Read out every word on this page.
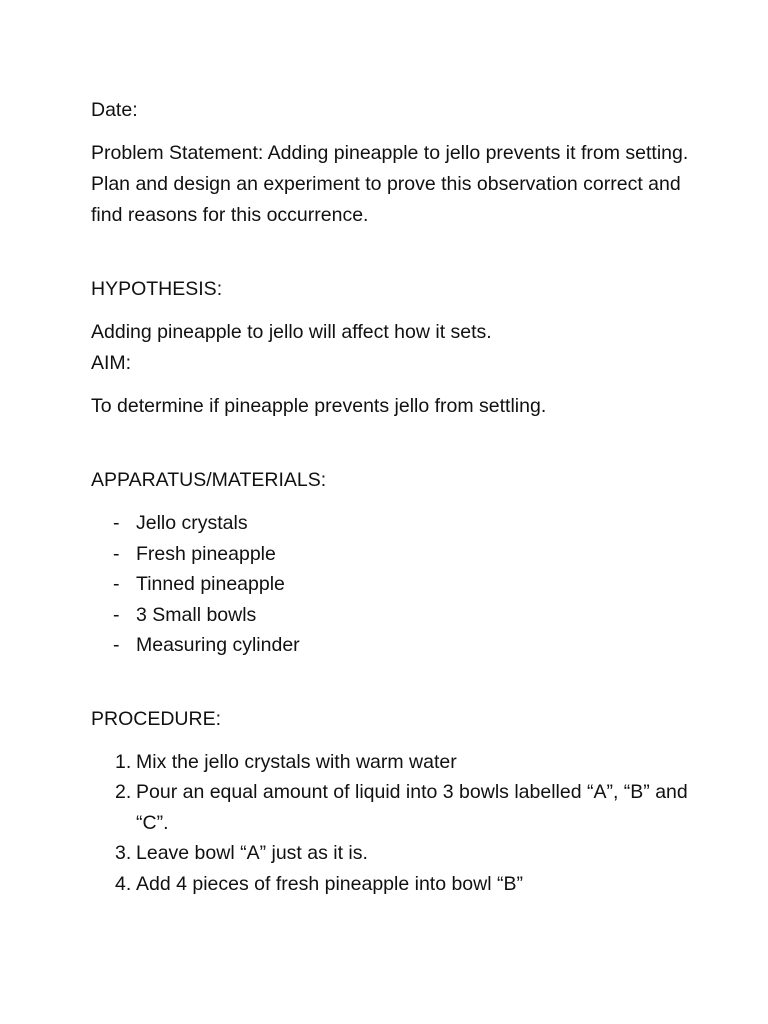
Date:

Problem Statement: Adding pineapple to jello prevents it from setting. Plan and design an experiment to prove this observation correct and find reasons for this occurrence.

HYPOTHESIS:

Adding pineapple to jello will affect how it sets.

AIM:

To determine if pineapple prevents jello from settling.

APPARATUS/MATERIALS:

- Jello crystals
- Fresh pineapple
- Tinned pineapple
- 3 Small bowls
- Measuring cylinder

PROCEDURE:

1. Mix the jello crystals with warm water
2. Pour an equal amount of liquid into 3 bowls labelled “A”, “B” and “C”.
3. Leave bowl “A” just as it is.
4. Add 4 pieces of fresh pineapple into bowl “B”
